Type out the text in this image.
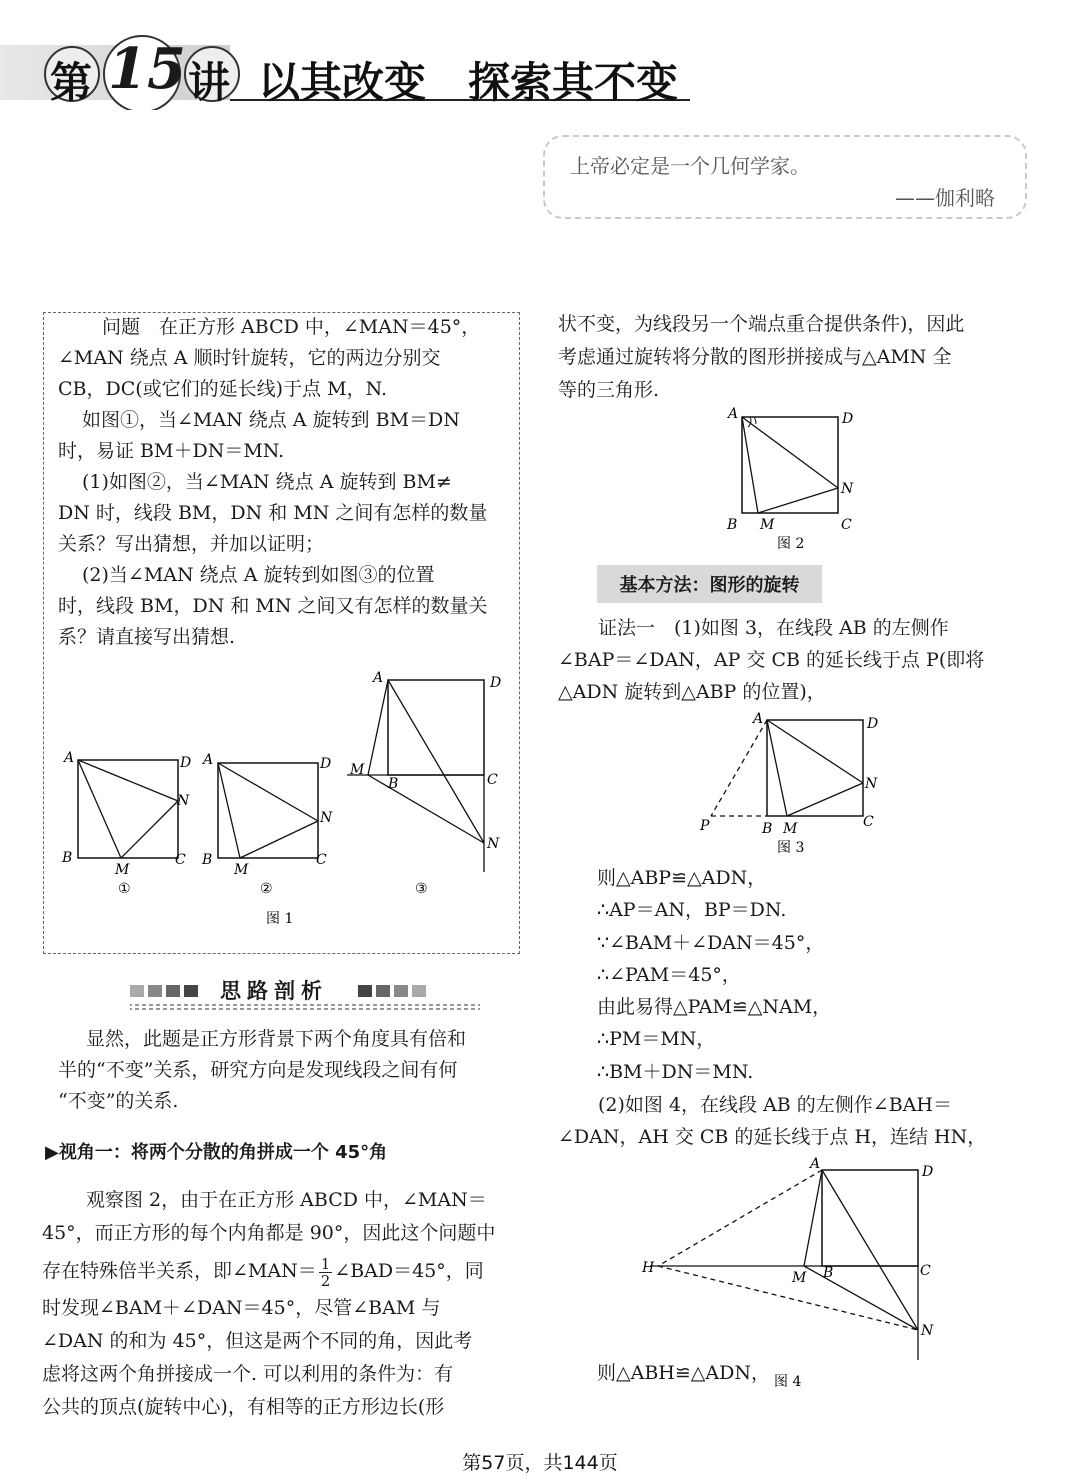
第 15 讲 以其改变　探索其不变
上帝必定是一个几何学家。
——伽利略
问题　在正方形 ABCD 中，∠MAN＝45°，
∠MAN 绕点 A 顺时针旋转，它的两边分别交
CB，DC(或它们的延长线)于点 M，N.
如图①，当∠MAN 绕点 A 旋转到 BM＝DN
时，易证 BM＋DN＝MN.
(1)如图②，当∠MAN 绕点 A 旋转到 BM≠
DN 时，线段 BM，DN 和 MN 之间有怎样的数量
关系？写出猜想，并加以证明；
(2)当∠MAN 绕点 A 旋转到如图③的位置
时，线段 BM，DN 和 MN 之间又有怎样的数量关
系？请直接写出猜想.
A	D
N
B
M
C
①
A	D
N
B
M
C
②
A	D
M
B	C
N
③
图 1
思路剖析
显然，此题是正方形背景下两个角度具有倍和
半的“不变”关系，研究方向是发现线段之间有何
“不变”的关系.
▶视角一：将两个分散的角拼成一个 45°角
观察图 2，由于在正方形 ABCD 中，∠MAN＝
45°，而正方形的每个内角都是 90°，因此这个问题中
存在特殊倍半关系，即∠MAN＝ $\frac{1}{2}$ ∠BAD＝45°，同
时发现∠BAM＋∠DAN＝45°，尽管∠BAM 与
∠DAN 的和为 45°，但这是两个不同的角，因此考
虑将这两个角拼接成一个. 可以利用的条件为：有
公共的顶点(旋转中心)，有相等的正方形边长(形
状不变，为线段另一个端点重合提供条件)，因此
考虑通过旋转将分散的图形拼接成与△AMN 全
等的三角形.
A	D
N
B M	C
图 2
基本方法：图形的旋转
证法一　(1)如图 3，在线段 AB 的左侧作
∠BAP＝∠DAN，AP 交 CB 的延长线于点 P(即将
△ADN 旋转到△ABP 的位置)，
A	D
N
P	B M	C
图 3
则△ABP≌△ADN，
∴AP＝AN，BP＝DN.
∵∠BAM＋∠DAN＝45°，
∴∠PAM＝45°，
由此易得△PAM≌△NAM，
∴PM＝MN，
∴BM＋DN＝MN.
(2)如图 4，在线段 AB 的左侧作∠BAH＝
∠DAN，AH 交 CB 的延长线于点 H，连结 HN，
A	D
H
M B	C
N
图 4
则△ABH≌△ADN，
第57页，共144页
